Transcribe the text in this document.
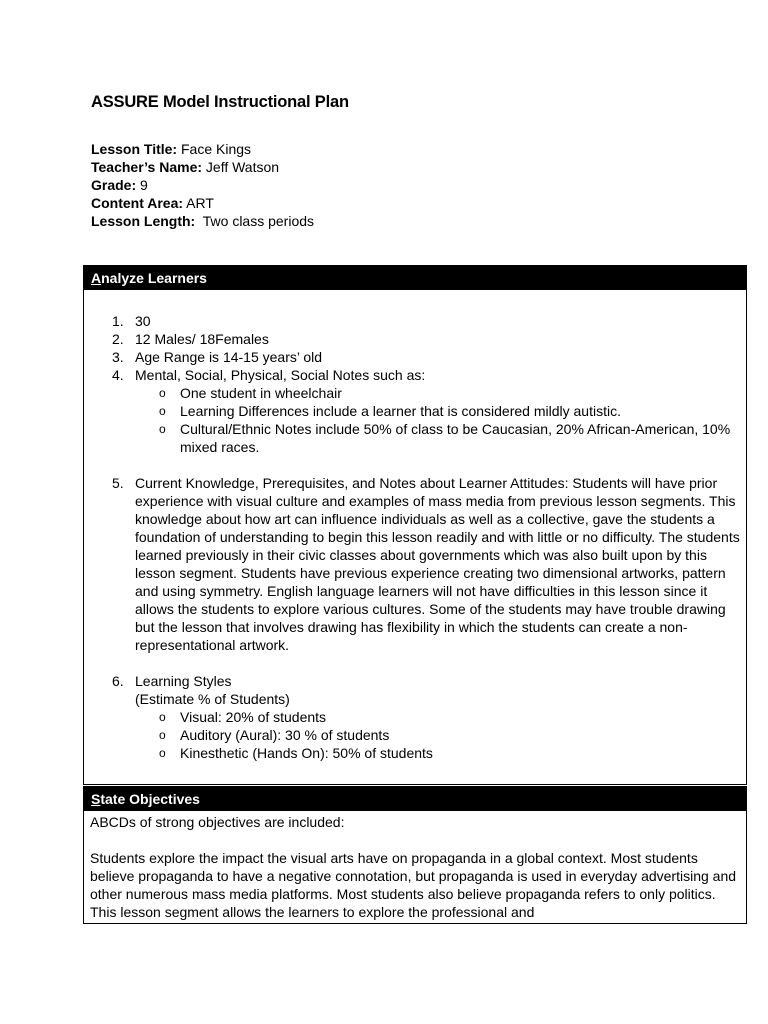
ASSURE Model Instructional Plan
Lesson Title: Face Kings
Teacher’s Name: Jeff Watson
Grade: 9
Content Area: ART
Lesson Length:  Two class periods
Analyze Learners
1. 30
2. 12 Males/ 18Females
3. Age Range is 14-15 years’ old
4. Mental, Social, Physical, Social Notes such as:
o One student in wheelchair
o Learning Differences include a learner that is considered mildly autistic.
o Cultural/Ethnic Notes include 50% of class to be Caucasian, 20% African-American, 10% mixed races.
5. Current Knowledge, Prerequisites, and Notes about Learner Attitudes: Students will have prior experience with visual culture and examples of mass media from previous lesson segments. This knowledge about how art can influence individuals as well as a collective, gave the students a foundation of understanding to begin this lesson readily and with little or no difficulty. The students learned previously in their civic classes about governments which was also built upon by this lesson segment. Students have previous experience creating two dimensional artworks, pattern and using symmetry. English language learners will not have difficulties in this lesson since it allows the students to explore various cultures. Some of the students may have trouble drawing but the lesson that involves drawing has flexibility in which the students can create a non-representational artwork.
6. Learning Styles
(Estimate % of Students)
o Visual: 20% of students
o Auditory (Aural): 30 % of students
o Kinesthetic (Hands On): 50% of students
State Objectives
ABCDs of strong objectives are included:
Students explore the impact the visual arts have on propaganda in a global context. Most students believe propaganda to have a negative connotation, but propaganda is used in everyday advertising and other numerous mass media platforms. Most students also believe propaganda refers to only politics. This lesson segment allows the learners to explore the professional and
